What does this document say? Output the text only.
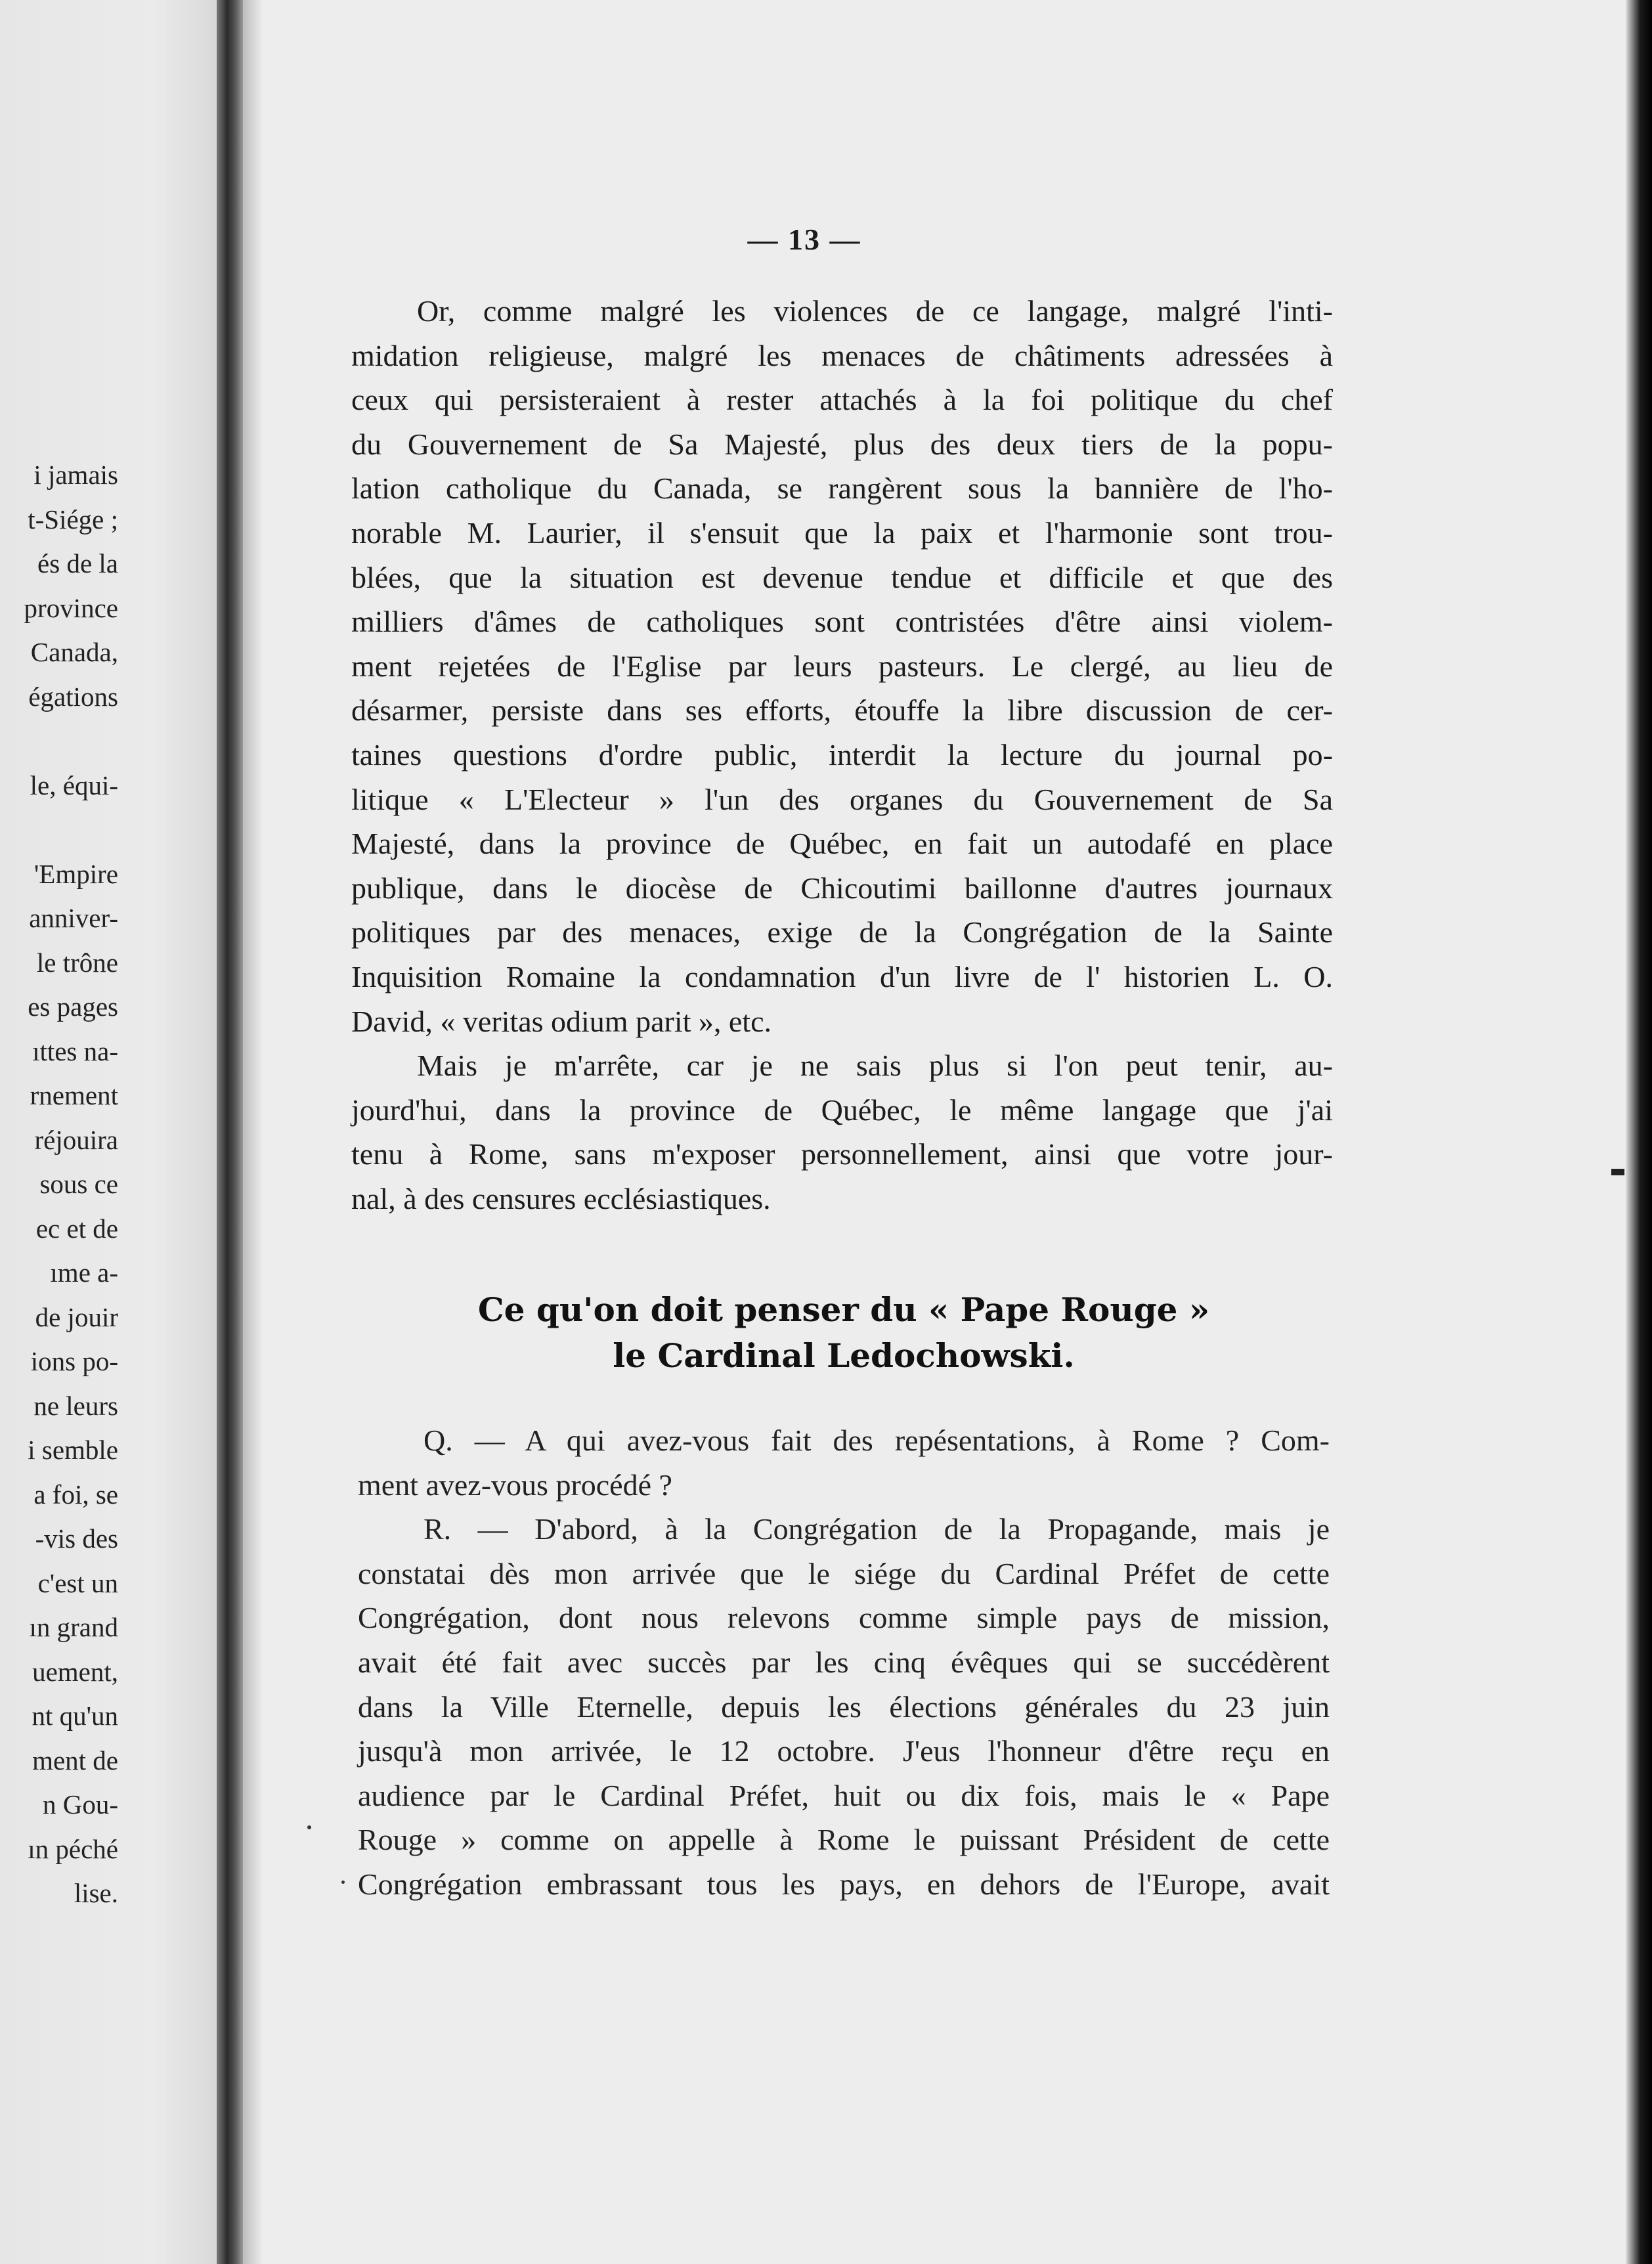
i jamais
t-Siége ;
és de la
province
Canada,
égations
le, équi-
'Empire
anniver-
le trône
es pages
ıttes na-
rnement
réjouira
sous ce
ec et de
ıme a-
de jouir
ions po-
ne leurs
i semble
a foi, se
-vis des
c'est un
ın grand
uement,
nt qu'un
ment de
n Gou-
ın péché
lise.
— 13 —
Or, comme malgré les violences de ce langage, malgré l'inti-
midation religieuse, malgré les menaces de châtiments adressées à
ceux qui persisteraient à rester attachés à la foi politique du chef
du Gouvernement de Sa Majesté, plus des deux tiers de la popu-
lation catholique du Canada, se rangèrent sous la bannière de l'ho-
norable M. Laurier, il s'ensuit que la paix et l'harmonie sont trou-
blées, que la situation est devenue tendue et difficile et que des
milliers d'âmes de catholiques sont contristées d'être ainsi violem-
ment rejetées de l'Eglise par leurs pasteurs. Le clergé, au lieu de
désarmer, persiste dans ses efforts, étouffe la libre discussion de cer-
taines questions d'ordre public, interdit la lecture du journal po-
litique « L'Electeur » l'un des organes du Gouvernement de Sa
Majesté, dans la province de Québec, en fait un autodafé en place
publique, dans le diocèse de Chicoutimi baillonne d'autres journaux
politiques par des menaces, exige de la Congrégation de la Sainte
Inquisition Romaine la condamnation d'un livre de l' historien L. O.
David, « veritas odium parit », etc.
Mais je m'arrête, car je ne sais plus si l'on peut tenir, au-
jourd'hui, dans la province de Québec, le même langage que j'ai
tenu à Rome, sans m'exposer personnellement, ainsi que votre jour-
nal, à des censures ecclésiastiques.
Ce qu'on doit penser du « Pape Rouge »
le Cardinal Ledochowski.
Q. — A qui avez-vous fait des repésentations, à Rome ? Com-
ment avez-vous procédé ?
R. — D'abord, à la Congrégation de la Propagande, mais je
constatai dès mon arrivée que le siége du Cardinal Préfet de cette
Congrégation, dont nous relevons comme simple pays de mission,
avait été fait avec succès par les cinq évêques qui se succédèrent
dans la Ville Eternelle, depuis les élections générales du 23 juin
jusqu'à mon arrivée, le 12 octobre. J'eus l'honneur d'être reçu en
audience par le Cardinal Préfet, huit ou dix fois, mais le « Pape
Rouge » comme on appelle à Rome le puissant Président de cette
Congrégation embrassant tous les pays, en dehors de l'Europe, avait
